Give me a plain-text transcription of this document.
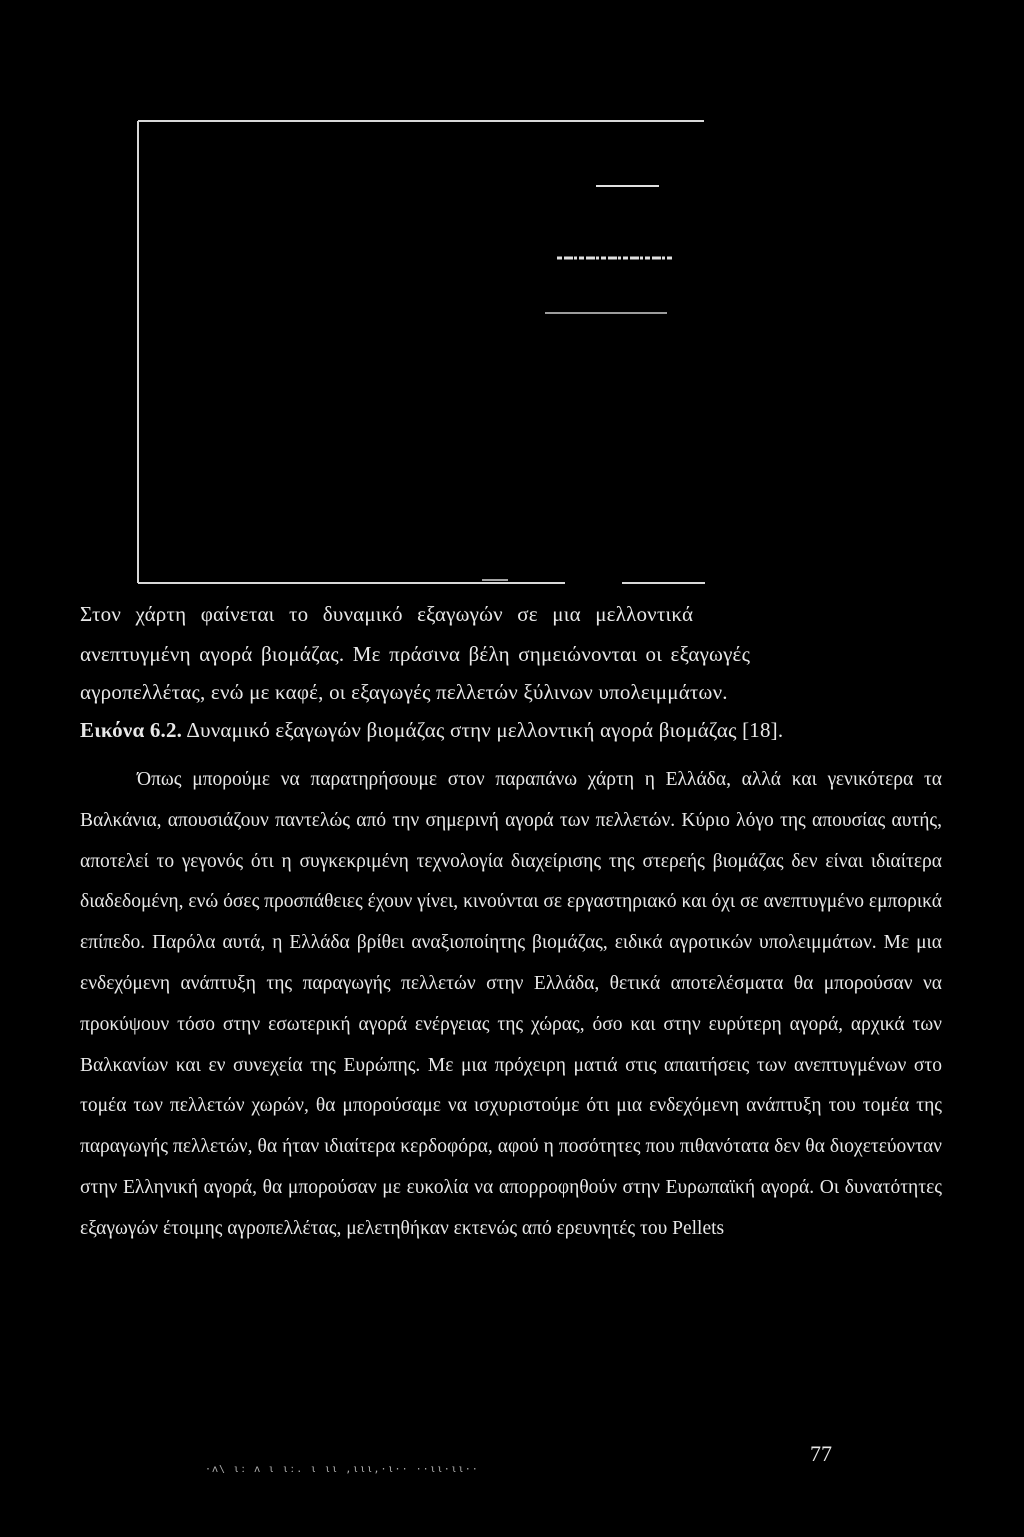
Στον χάρτη φαίνεται το δυναμικό εξαγωγών σε μια μελλοντικά
ανεπτυγμένη αγορά βιομάζας. Με πράσινα βέλη σημειώνονται οι εξαγωγές
αγροπελλέτας, ενώ με καφέ, οι εξαγωγές πελλετών ξύλινων υπολειμμάτων.
Εικόνα 6.2. Δυναμικό εξαγωγών βιομάζας στην μελλοντική αγορά βιομάζας [18].

Όπως μπορούμε να παρατηρήσουμε στον παραπάνω χάρτη η Ελλάδα, αλλά και γενικότερα τα Βαλκάνια, απουσιάζουν παντελώς από την σημερινή αγορά των πελλετών. Κύριο λόγο της απουσίας αυτής, αποτελεί το γεγονός ότι η συγκεκριμένη τεχνολογία διαχείρισης της στερεής βιομάζας δεν είναι ιδιαίτερα διαδεδομένη, ενώ όσες προσπάθειες έχουν γίνει, κινούνται σε εργαστηριακό και όχι σε ανεπτυγμένο εμπορικά επίπεδο. Παρόλα αυτά, η Ελλάδα βρίθει αναξιοποίητης βιομάζας, ειδικά αγροτικών υπολειμμάτων. Με μια ενδεχόμενη ανάπτυξη της παραγωγής πελλετών στην Ελλάδα, θετικά αποτελέσματα θα μπορούσαν να προκύψουν τόσο στην εσωτερική αγορά ενέργειας της χώρας, όσο και στην ευρύτερη αγορά, αρχικά των Βαλκανίων και εν συνεχεία της Ευρώπης. Με μια πρόχειρη ματιά στις απαιτήσεις των ανεπτυγμένων στο τομέα των πελλετών χωρών, θα μπορούσαμε να ισχυριστούμε ότι μια ενδεχόμενη ανάπτυξη του τομέα της παραγωγής πελλετών, θα ήταν ιδιαίτερα κερδοφόρα, αφού η ποσότητες που πιθανότατα δεν θα διοχετεύονταν στην Ελληνική αγορά, θα μπορούσαν με ευκολία να απορροφηθούν στην Ευρωπαϊκή αγορά. Οι δυνατότητες εξαγωγών έτοιμης αγροπελλέτας, μελετηθήκαν εκτενώς από ερευνητές του Pellets

·ʌ\ ιː ʌ ι ιː. ι ιι ,ιιι,·ι·· ··ιι·ιι··
77
